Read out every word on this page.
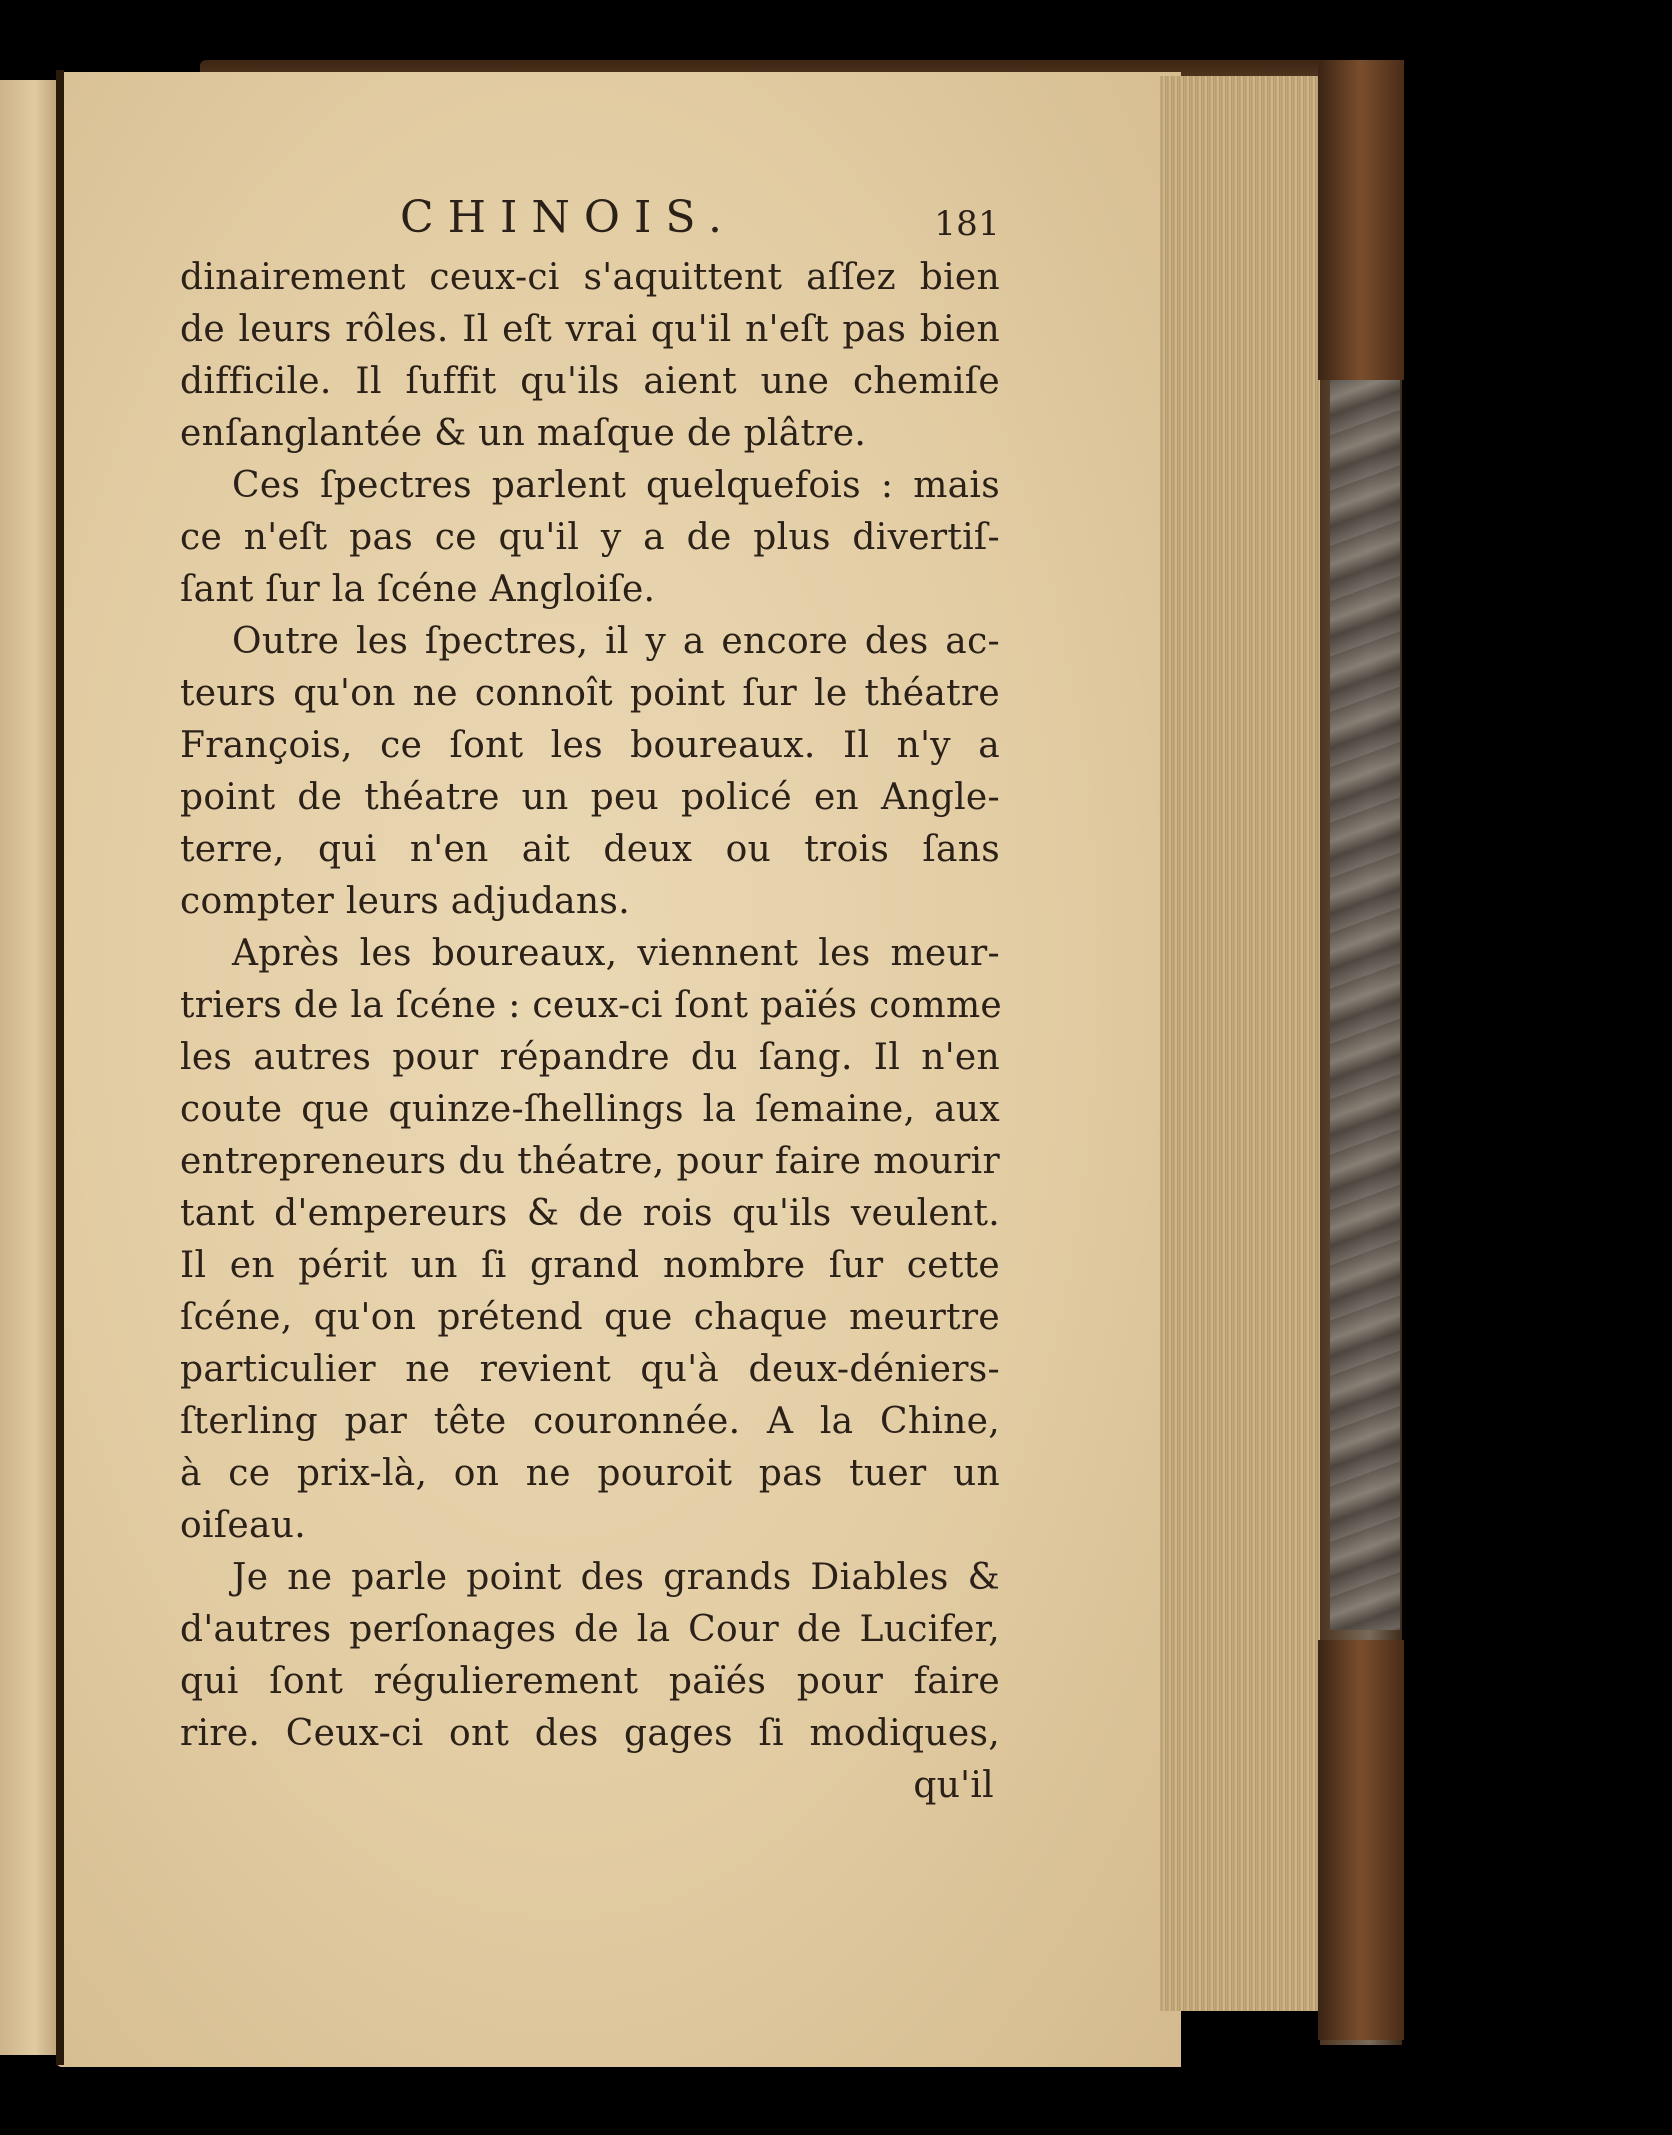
CHINOIS.	181
dinairement ceux-ci s'aquittent aſſez bien
de leurs rôles. Il eſt vrai qu'il n'eſt pas bien
difficile. Il ſuffit qu'ils aient une chemiſe
enſanglantée & un maſque de plâtre.
Ces ſpectres parlent quelquefois : mais
ce n'eſt pas ce qu'il y a de plus divertiſ-
ſant ſur la ſcéne Angloiſe.
Outre les ſpectres, il y a encore des ac-
teurs qu'on ne connoît point ſur le théatre
François, ce ſont les boureaux. Il n'y a
point de théatre un peu policé en Angle-
terre, qui n'en ait deux ou trois ſans
compter leurs adjudans.
Après les boureaux, viennent les meur-
triers de la ſcéne : ceux-ci ſont païés comme
les autres pour répandre du ſang. Il n'en
coute que quinze-ſhellings la ſemaine, aux
entrepreneurs du théatre, pour faire mourir
tant d'empereurs & de rois qu'ils veulent.
Il en périt un ſi grand nombre ſur cette
ſcéne, qu'on prétend que chaque meurtre
particulier ne revient qu'à deux-déniers-
ſterling par tête couronnée. A la Chine,
à ce prix-là, on ne pouroit pas tuer un
oiſeau.
Je ne parle point des grands Diables &
d'autres perſonages de la Cour de Lucifer,
qui ſont régulierement païés pour faire
rire. Ceux-ci ont des gages ſi modiques,
qu'il
